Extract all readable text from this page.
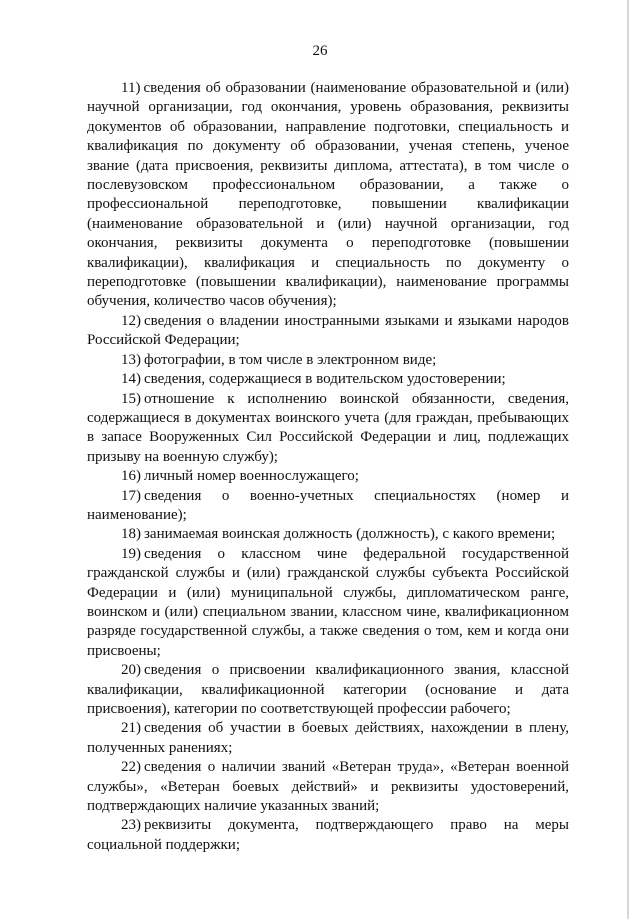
26

11) сведения об образовании (наименование образовательной и (или) научной организации, год окончания, уровень образования, реквизиты документов об образовании, направление подготовки, специальность и квалификация по документу об образовании, ученая степень, ученое звание (дата присвоения, реквизиты диплома, аттестата), в том числе о послевузовском профессиональном образовании, а также о профессиональной переподготовке, повышении квалификации (наименование образовательной и (или) научной организации, год окончания, реквизиты документа о переподготовке (повышении квалификации), квалификация и специальность по документу о переподготовке (повышении квалификации), наименование программы обучения, количество часов обучения);

12) сведения о владении иностранными языками и языками народов Российской Федерации;

13) фотографии, в том числе в электронном виде;

14) сведения, содержащиеся в водительском удостоверении;

15) отношение к исполнению воинской обязанности, сведения, содержащиеся в документах воинского учета (для граждан, пребывающих в запасе Вооруженных Сил Российской Федерации и лиц, подлежащих призыву на военную службу);

16) личный номер военнослужащего;

17) сведения о военно-учетных специальностях (номер и наименование);

18) занимаемая воинская должность (должность), с какого времени;

19) сведения о классном чине федеральной государственной гражданской службы и (или) гражданской службы субъекта Российской Федерации и (или) муниципальной службы, дипломатическом ранге, воинском и (или) специальном звании, классном чине, квалификационном разряде государственной службы, а также сведения о том, кем и когда они присвоены;

20) сведения о присвоении квалификационного звания, классной квалификации, квалификационной категории (основание и дата присвоения), категории по соответствующей профессии рабочего;

21) сведения об участии в боевых действиях, нахождении в плену, полученных ранениях;

22) сведения о наличии званий «Ветеран труда», «Ветеран военной службы», «Ветеран боевых действий» и реквизиты удостоверений, подтверждающих наличие указанных званий;

23) реквизиты документа, подтверждающего право на меры социальной поддержки;
